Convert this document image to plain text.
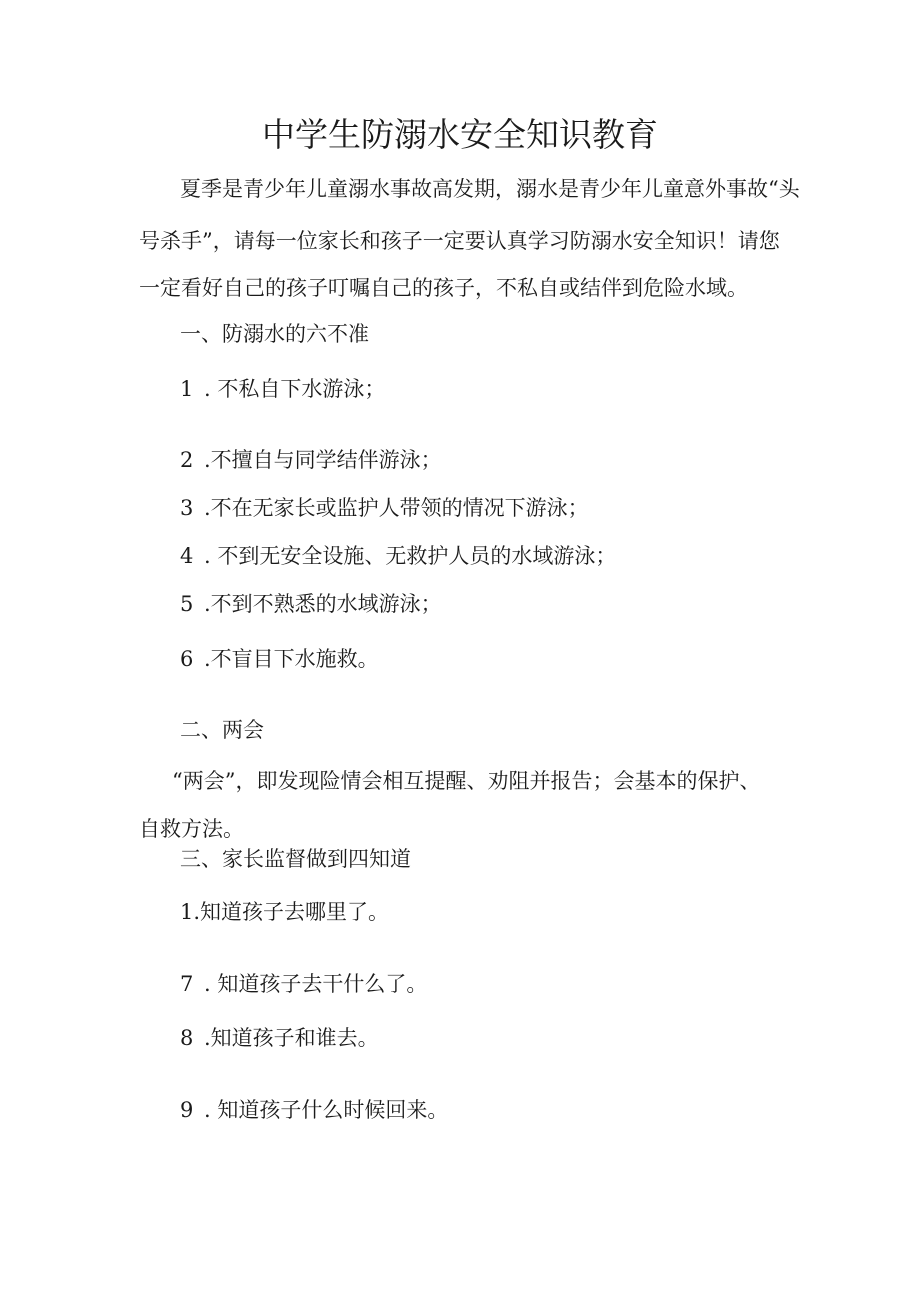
中学生防溺水安全知识教育
夏季是青少年儿童溺水事故高发期，溺水是青少年儿童意外事故“头
号杀手”，请每一位家长和孩子一定要认真学习防溺水安全知识！请您
一定看好自己的孩子叮嘱自己的孩子，不私自或结伴到危险水域。
一、防溺水的六不准
1 . 不私自下水游泳；
2 .不擅自与同学结伴游泳；
3 .不在无家长或监护人带领的情况下游泳；
4 . 不到无安全设施、无救护人员的水域游泳；
5 .不到不熟悉的水域游泳；
6 .不盲目下水施救。
二、两会
“两会”，即发现险情会相互提醒、劝阻并报告；会基本的保护、
自救方法。
三、家长监督做到四知道
1.知道孩子去哪里了。
7 . 知道孩子去干什么了。
8 .知道孩子和谁去。
9 . 知道孩子什么时候回来。
